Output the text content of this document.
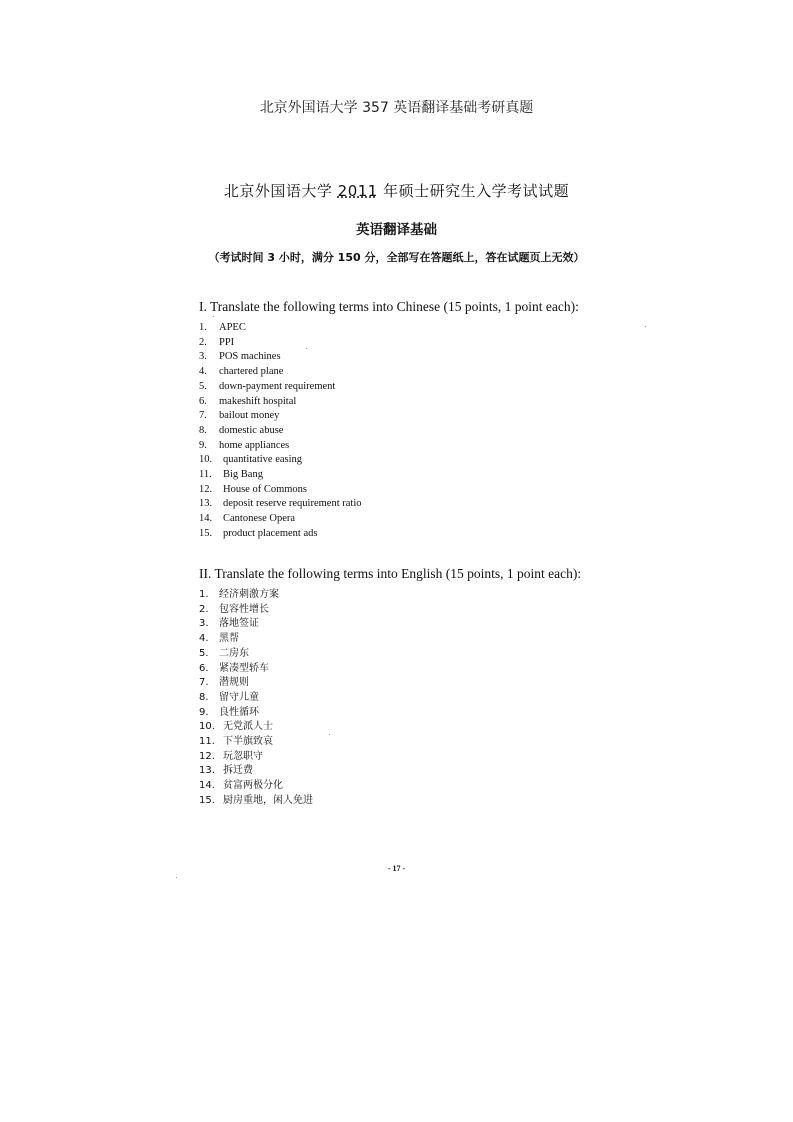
北京外国语大学 357 英语翻译基础考研真题
北京外国语大学 2011 年硕士研究生入学考试试题
英语翻译基础
（考试时间 3 小时，满分 150 分，全部写在答题纸上，答在试题页上无效）
I. Translate the following terms into Chinese (15 points, 1 point each):
1. APEC
2. PPI
3. POS machines
4. chartered plane
5. down-payment requirement
6. makeshift hospital
7. bailout money
8. domestic abuse
9. home appliances
10. quantitative easing
11. Big Bang
12. House of Commons
13. deposit reserve requirement ratio
14. Cantonese Opera
15. product placement ads
II. Translate the following terms into English (15 points, 1 point each):
1. 经济刺激方案
2. 包容性增长
3. 落地签证
4. 黑帮
5. 二房东
6. 紧凑型轿车
7. 潜规则
8. 留守儿童
9. 良性循环
10. 无党派人士
11. 下半旗致哀
12. 玩忽职守
13. 拆迁费
14. 贫富两极分化
15. 厨房重地，闲人免进
- 17 -
